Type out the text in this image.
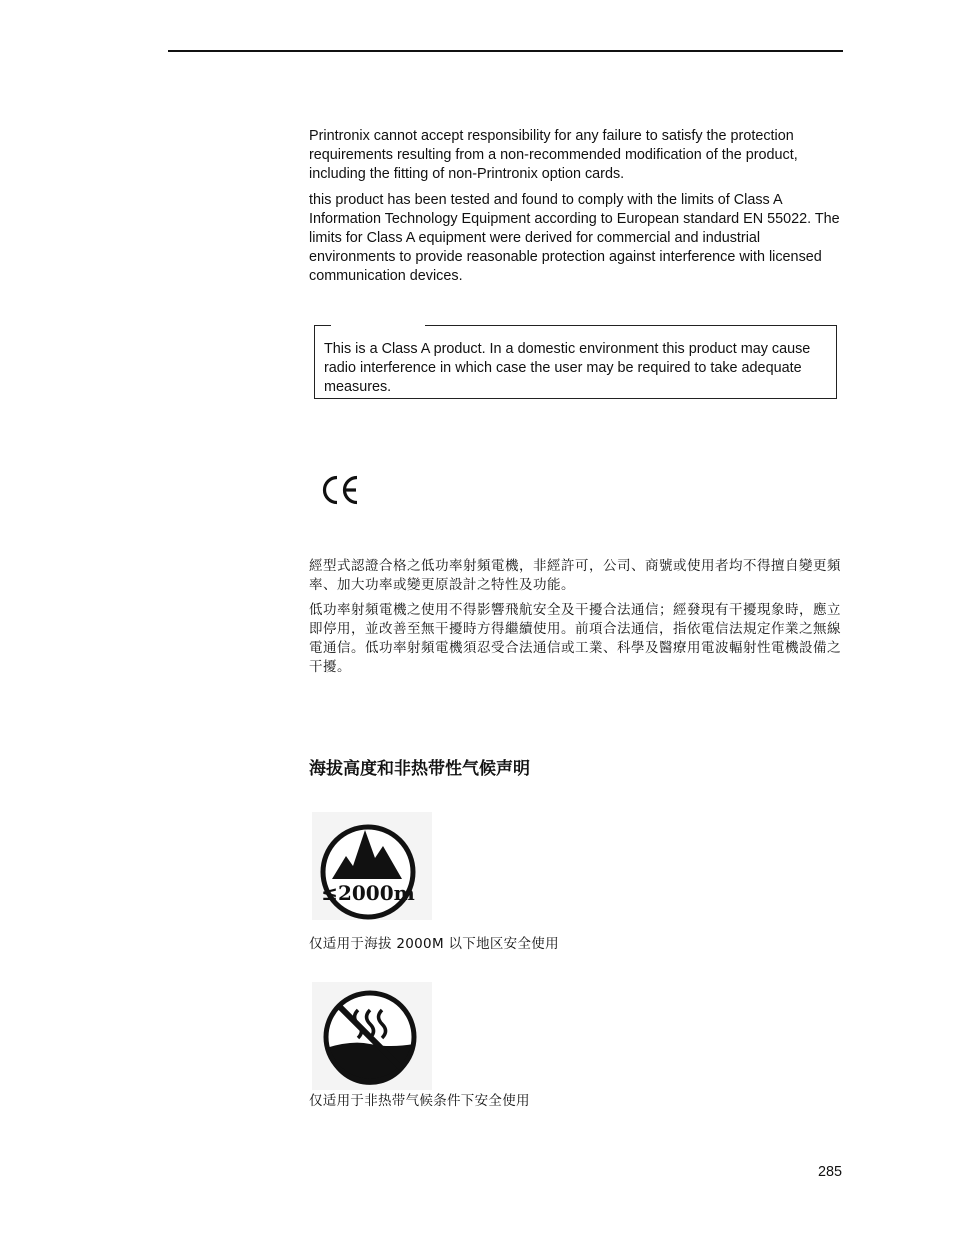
Printronix cannot accept responsibility for any failure to satisfy the protection requirements resulting from a non-recommended modification of the product, including the fitting of non-Printronix option cards.

this product has been tested and found to comply with the limits of Class A Information Technology Equipment according to European standard EN 55022. The limits for Class A equipment were derived for commercial and industrial environments to provide reasonable protection against interference with licensed communication devices.

This is a Class A product. In a domestic environment this product may cause radio interference in which case the user may be required to take adequate measures.

經型式認證合格之低功率射頻電機，非經許可，公司、商號或使用者均不得擅自變更頻率、加大功率或變更原設計之特性及功能。

低功率射頻電機之使用不得影響飛航安全及干擾合法通信；經發現有干擾現象時，應立即停用，並改善至無干擾時方得繼續使用。前項合法通信，指依電信法規定作業之無線電通信。低功率射頻電機須忍受合法通信或工業、科學及醫療用電波輻射性電機設備之干擾。

海拔高度和非热带性气候声明
≤2000m

仅适用于海拔 2000M 以下地区安全使用

仅适用于非热带气候条件下安全使用

285
